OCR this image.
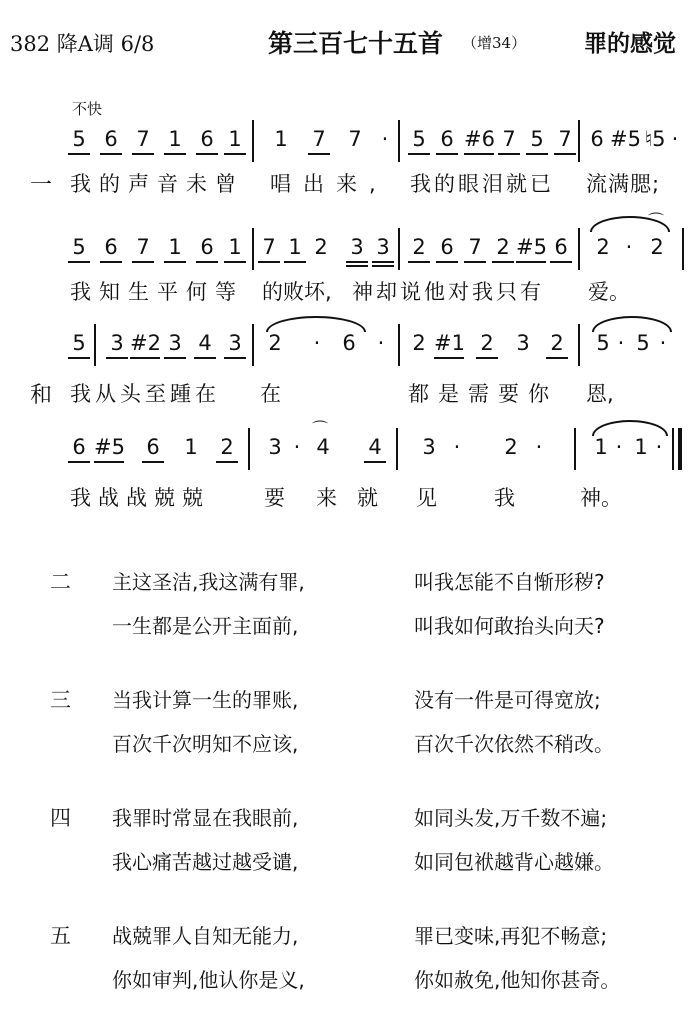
382 降A调 6/8	第三百七十五首 （增34）	罪的感觉
不快
5 6 7 1 6 1 1 7 7 ·	5 6 #6 7 5 7 6 #5 ♮5 ·
一 我的声音未曾 唱出来, 我的眼泪就已 流满腮;
5 6 7 1 6 1 7 1 2 3 3 2 6 7 2 #5 6
⌒
2 · 2
我知生平何等 的败坏, 神却说他对我只有 爱。
5 3 #2 3 4 3 2	·	6	·	2 #1 2 3 2 5 · 5 ·
和 我从头至踵在 在	都是需要你 恩,
6 #5 6 1 2 3 ·
⌒
4 4 3 · 2 · 1 · 1 ·
我战战兢兢	要 来就 见	我	神。
二 主这圣洁,我这满有罪,	叫我怎能不自惭形秽?
一生都是公开主面前,	叫我如何敢抬头向天?
三 当我计算一生的罪账,	没有一件是可得宽放;
百次千次明知不应该,	百次千次依然不稍改。
四 我罪时常显在我眼前,	如同头发,万千数不遍;
我心痛苦越过越受谴,	如同包袱越背心越嫌。
五 战兢罪人自知无能力,	罪已变味,再犯不畅意;
你如审判,他认你是义,	你如赦免,他知你甚奇。
